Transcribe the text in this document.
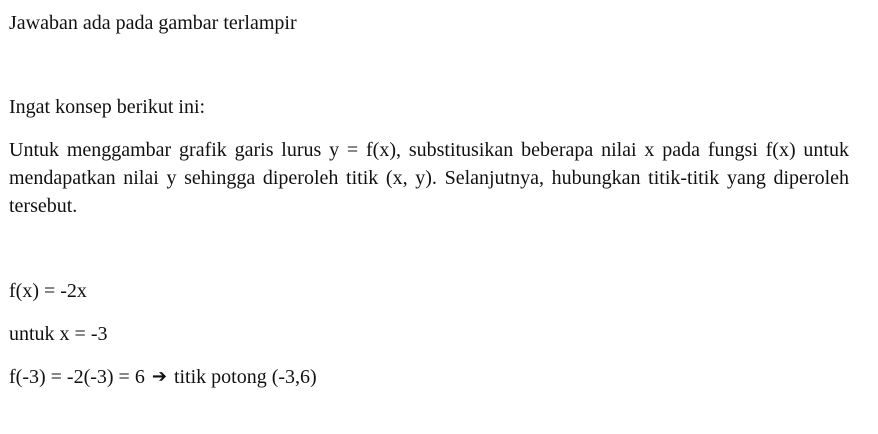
Jawaban ada pada gambar terlampir

Ingat konsep berikut ini:

Untuk menggambar grafik garis lurus y = f(x), substitusikan beberapa nilai x pada fungsi f(x) untuk mendapatkan nilai y sehingga diperoleh titik (x, y). Selanjutnya, hubungkan titik-titik yang diperoleh tersebut.

f(x) = -2x

untuk x = -3

f(-3) = -2(-3) = 6 ➔ titik potong (-3,6)
